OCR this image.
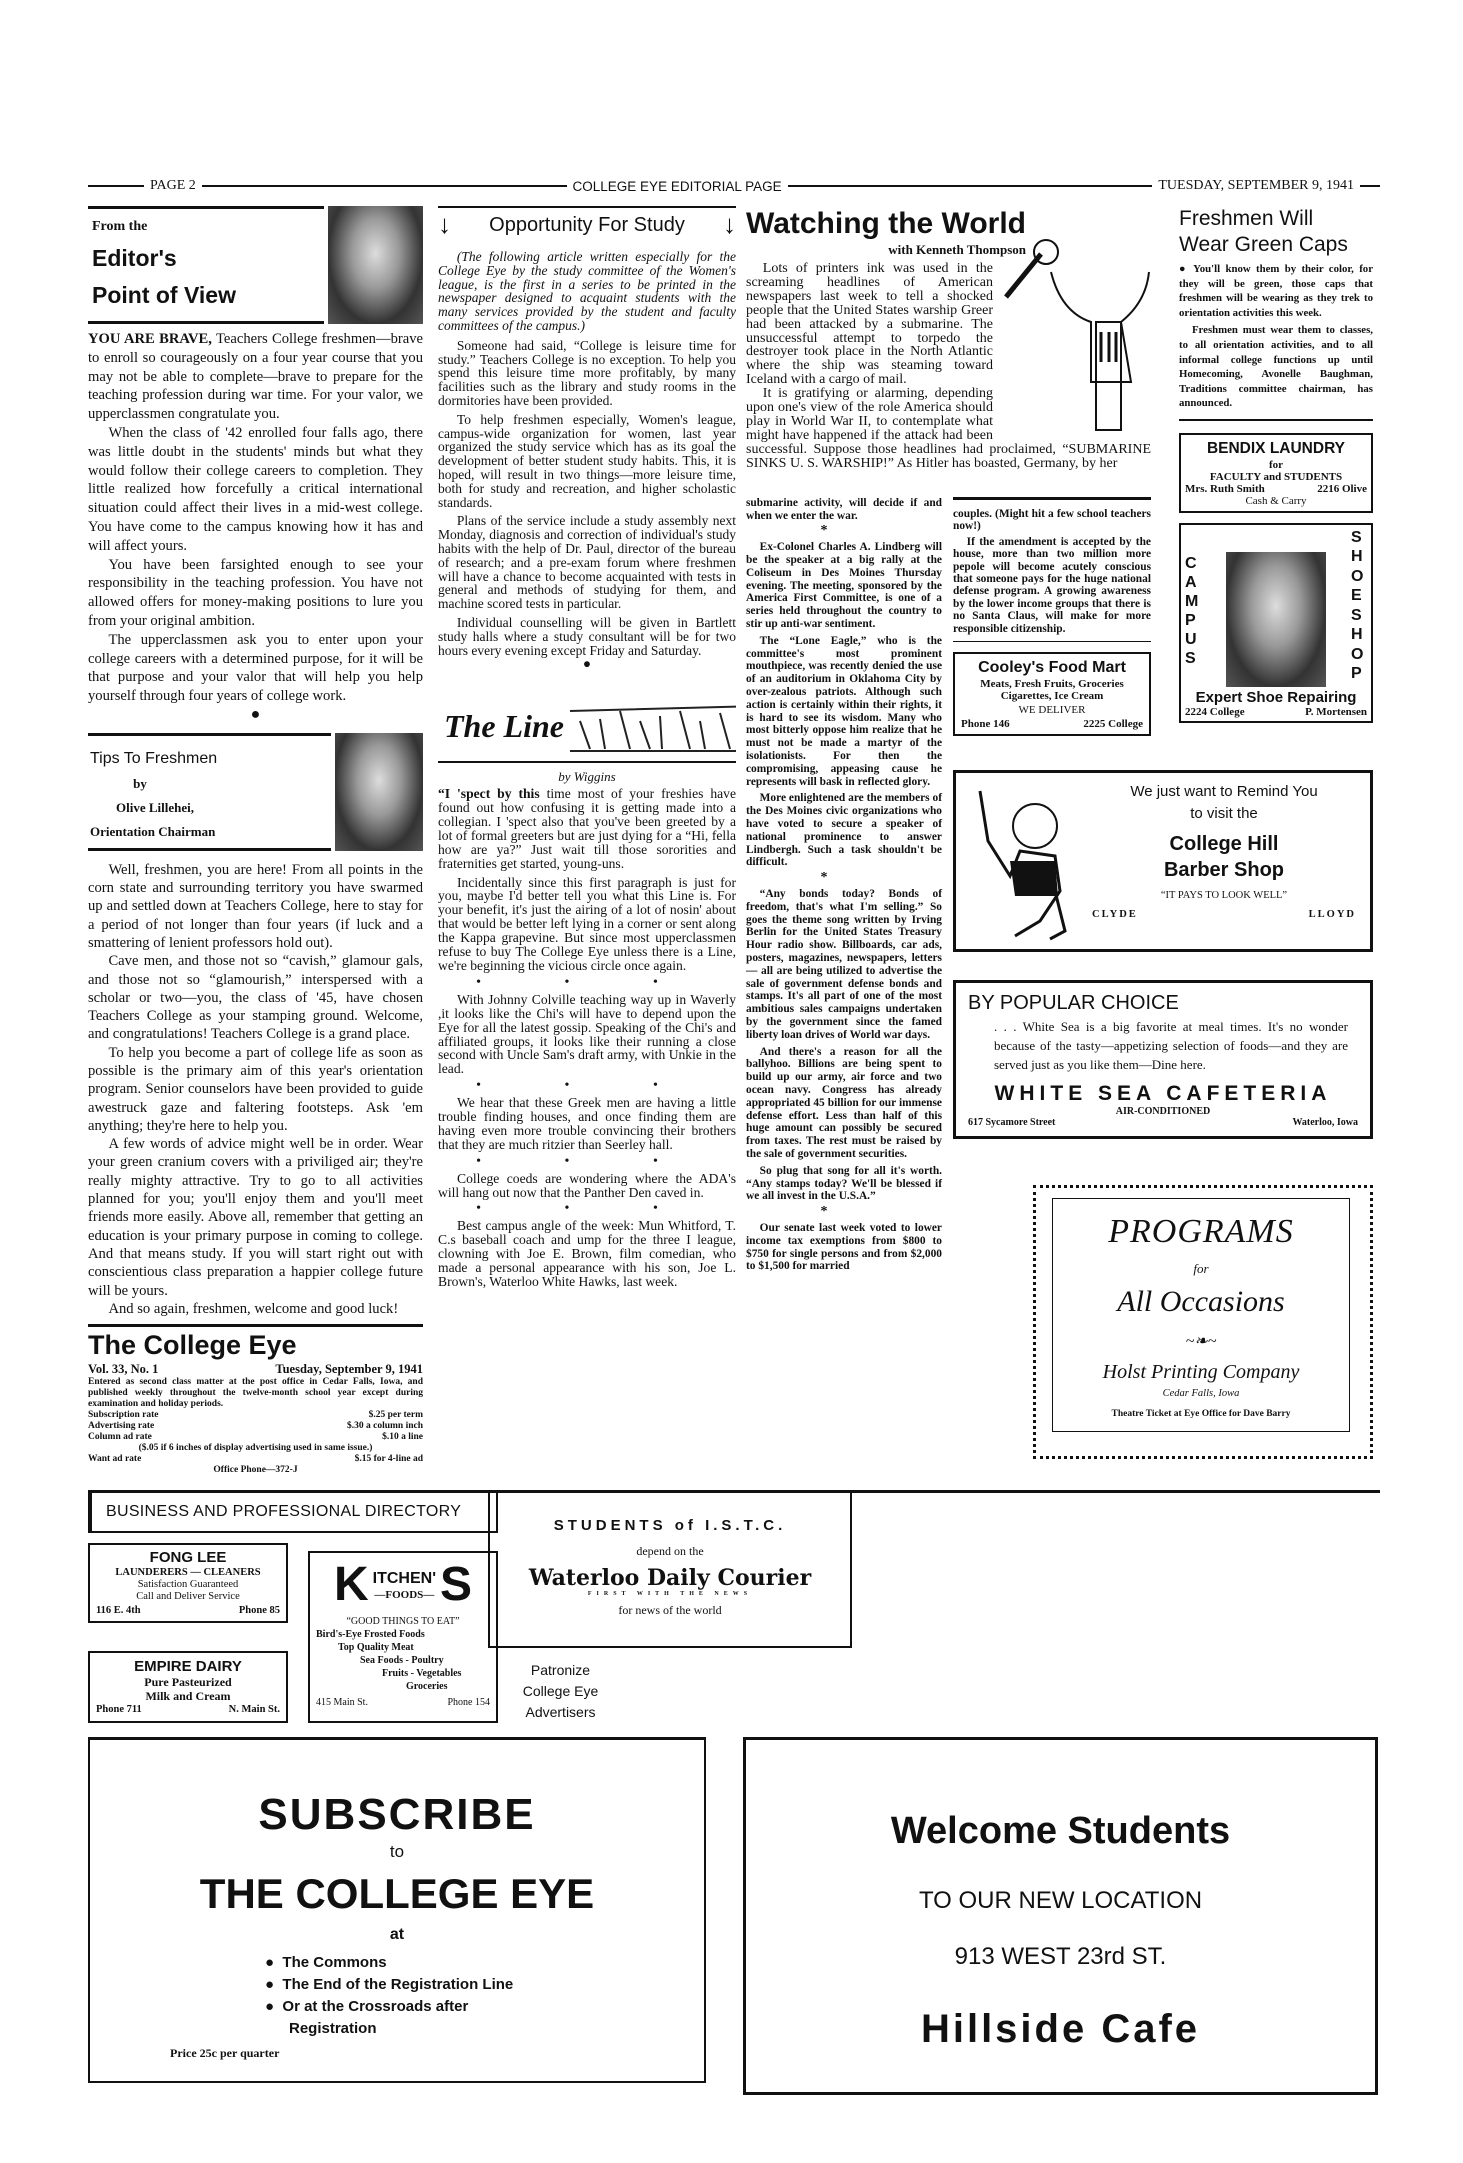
PAGE 2	COLLEGE EYE EDITORIAL PAGE	TUESDAY, SEPTEMBER 9, 1941
From the
Editor's
Point of View

YOU ARE BRAVE, Teachers College freshmen—brave to enroll so courageously on a four year course that you may not be able to complete—brave to prepare for the teaching profession during war time. For your valor, we upperclassmen congratulate you.

When the class of '42 enrolled four falls ago, there was little doubt in the students' minds but what they would follow their college careers to completion. They little realized how forcefully a critical international situation could affect their lives in a mid-west college. You have come to the campus knowing how it has and will affect yours.

You have been farsighted enough to see your responsibility in the teaching profession. You have not allowed offers for money-making positions to lure you from your original ambition.

The upperclassmen ask you to enter upon your college careers with a determined purpose, for it will be that purpose and your valor that will help you help yourself through four years of college work.

●
Tips To Freshmen
by
Olive Lillehei,
Orientation Chairman

Well, freshmen, you are here! From all points in the corn state and surrounding territory you have swarmed up and settled down at Teachers College, here to stay for a period of not longer than four years (if luck and a smattering of lenient professors hold out).

Cave men, and those not so “cavish,” glamour gals, and those not so “glamourish,” interspersed with a scholar or two—you, the class of '45, have chosen Teachers College as your stamping ground. Welcome, and congratulations! Teachers College is a grand place.

To help you become a part of college life as soon as possible is the primary aim of this year's orientation program. Senior counselors have been provided to guide awestruck gaze and faltering footsteps. Ask 'em anything; they're here to help you.

A few words of advice might well be in order. Wear your green cranium covers with a priviliged air; they're really mighty attractive. Try to go to all activities planned for you; you'll enjoy them and you'll meet friends more easily. Above all, remember that getting an education is your primary purpose in coming to college. And that means study. If you will start right out with conscientious class preparation a happier college future will be yours.

And so again, freshmen, welcome and good luck!

The College Eye
Vol. 33, No. 1	Tuesday, September 9, 1941
Entered as second class matter at the post office in Cedar Falls, Iowa, and published weekly throughout the twelve-month school year except during examination and holiday periods.
Subscription rate	$.25 per term
Advertising rate	$.30 a column inch
Column ad rate	$.10 a line
($.05 if 6 inches of display advertising used in same issue.)
Want ad rate	$.15 for 4-line ad
Office Phone—372-J
↓	Opportunity For Study	↓

(The following article written especially for the College Eye by the study committee of the Women's league, is the first in a series to be printed in the newspaper designed to acquaint students with the many services provided by the student and faculty committees of the campus.)

Someone had said, “College is leisure time for study.” Teachers College is no exception. To help you spend this leisure time more profitably, by many facilities such as the library and study rooms in the dormitories have been provided.

To help freshmen especially, Women's league, campus-wide organization for women, last year organized the study service which has as its goal the development of better student study habits. This, it is hoped, will result in two things—more leisure time, both for study and recreation, and higher scholastic standards.

Plans of the service include a study assembly next Monday, diagnosis and correction of individual's study habits with the help of Dr. Paul, director of the bureau of research; and a pre-exam forum where freshmen will have a chance to become acquainted with tests in general and methods of studying for them, and machine scored tests in particular.

Individual counselling will be given in Bartlett study halls where a study consultant will be for two hours every evening except Friday and Saturday.

●
The Line
by Wiggins

“I 'spect by this time most of your freshies have found out how confusing it is getting made into a collegian. I 'spect also that you've been greeted by a lot of formal greeters but are just dying for a “Hi, fella how are ya?” Just wait till those sororities and fraternities get started, young-uns.

Incidentally since this first paragraph is just for you, maybe I'd better tell you what this Line is. For your benefit, it's just the airing of a lot of nosin' about that would be better left lying in a corner or sent along the Kappa grapevine. But since most upperclassmen refuse to buy The College Eye unless there is a Line, we're beginning the vicious circle once again.

• • •

With Johnny Colville teaching way up in Waverly ,it looks like the Chi's will have to depend upon the Eye for all the latest gossip. Speaking of the Chi's and affiliated groups, it looks like their running a close second with Uncle Sam's draft army, with Unkie in the lead.

• • •

We hear that these Greek men are having a little trouble finding houses, and once finding them are having even more trouble convincing their brothers that they are much ritzier than Seerley hall.

• • •

College coeds are wondering where the ADA's will hang out now that the Panther Den caved in.

• • •

Best campus angle of the week: Mun Whitford, T. C.s baseball coach and ump for the three I league, clowning with Joe E. Brown, film comedian, who made a personal appearance with his son, Joe L. Brown's, Waterloo White Hawks, last week.

Watching the World
with Kenneth Thompson

Lots of printers ink was used in the screaming headlines of American newspapers last week to tell a shocked people that the United States warship Greer had been attacked by a submarine. The unsuccessful attempt to torpedo the destroyer took place in the North Atlantic where the ship was steaming toward Iceland with a cargo of mail.

It is gratifying or alarming, depending upon one's view of the role America should play in World War II, to contemplate what might have happened if the attack had been successful. Suppose those headlines had proclaimed, “SUBMARINE SINKS U. S. WARSHIP!” As Hitler has boasted, Germany, by her

submarine activity, will decide if and when we enter the war.

*

Ex-Colonel Charles A. Lindberg will be the speaker at a big rally at the Coliseum in Des Moines Thursday evening. The meeting, sponsored by the America First Committee, is one of a series held throughout the country to stir up anti-war sentiment.

The “Lone Eagle,” who is the committee's most prominent mouthpiece, was recently denied the use of an auditorium in Oklahoma City by over-zealous patriots. Although such action is certainly within their rights, it is hard to see its wisdom. Many who most bitterly oppose him realize that he must not be made a martyr of the isolationists. For then the compromising, appeasing cause he represents will bask in reflected glory.

More enlightened are the members of the Des Moines civic organizations who have voted to secure a speaker of national prominence to answer Lindbergh. Such a task shouldn't be difficult.

*

“Any bonds today? Bonds of freedom, that's what I'm selling.” So goes the theme song written by Irving Berlin for the United States Treasury Hour radio show. Billboards, car ads, posters, magazines, newspapers, letters — all are being utilized to advertise the sale of government defense bonds and stamps. It's all part of one of the most ambitious sales campaigns undertaken by the government since the famed liberty loan drives of World war days.

And there's a reason for all the ballyhoo. Billions are being spent to build up our army, air force and two ocean navy. Congress has already appropriated 45 billion for our immense defense effort. Less than half of this huge amount can possibly be secured from taxes. The rest must be raised by the sale of government securities.

So plug that song for all it's worth. “Any stamps today? We'll be blessed if we all invest in the U.S.A.”

*

Our senate last week voted to lower income tax exemptions from $800 to $750 for single persons and from $2,000 to $1,500 for married

couples. (Might hit a few school teachers now!)

If the amendment is accepted by the house, more than two million more pepole will become acutely conscious that someone pays for the huge national defense program. A growing awareness by the lower income groups that there is no Santa Claus, will make for more responsible citizenship.

Cooley's Food Mart
Meats, Fresh Fruits, Groceries
Cigarettes, Ice Cream
WE DELIVER
Phone 146	2225 College
Freshmen Will
Wear Green Caps

● You'll know them by their color, for they will be green, those caps that freshmen will be wearing as they trek to orientation activities this week.

Freshmen must wear them to classes, to all orientation activities, and to all informal college functions up until Homecoming, Avonelle Baughman, Traditions committee chairman, has announced.

BENDIX LAUNDRY
for
FACULTY and STUDENTS
Mrs. Ruth Smith	2216 Olive
Cash & Carry
CAMPUS
SHOESHOP
Expert Shoe Repairing
2224 College	P. Mortensen
We just want to Remind You
to visit the
College Hill
Barber Shop
“IT PAYS TO LOOK WELL”
CLYDE	LLOYD
BY POPULAR CHOICE
. . . White Sea is a big favorite at meal times. It's no wonder because of the tasty—appetizing selection of foods—and they are served just as you like them—Dine here.
WHITE SEA CAFETERIA
AIR-CONDITIONED
617 Sycamore Street	Waterloo, Iowa
PROGRAMS
for
All Occasions
~❧~
Holst Printing Company
Cedar Falls, Iowa
Theatre Ticket at Eye Office for Dave Barry
BUSINESS AND PROFESSIONAL DIRECTORY
FONG LEE
LAUNDERERS — CLEANERS
Satisfaction Guaranteed
Call and Deliver Service
116 E. 4th	Phone 85
EMPIRE DAIRY
Pure Pasteurized
Milk and Cream
Phone 711	N. Main St.
K ITCHEN'
—FOODS— S
“GOOD THINGS TO EAT”
Bird's-Eye Frosted Foods
Top Quality Meat
Sea Foods - Poultry
Fruits - Vegetables
Groceries
415 Main St.	Phone 154
STUDENTS of I.S.T.C.
depend on the
Waterloo Daily Courier
FIRST WITH THE NEWS
for news of the world
Patronize
College Eye
Advertisers
SUBSCRIBE
to
THE COLLEGE EYE
at
●  The Commons
●  The End of the Registration Line
●  Or at the Crossroads after Registration
Price 25c per quarter
Welcome Students
TO OUR NEW LOCATION
913 WEST 23rd ST.
Hillside Cafe
